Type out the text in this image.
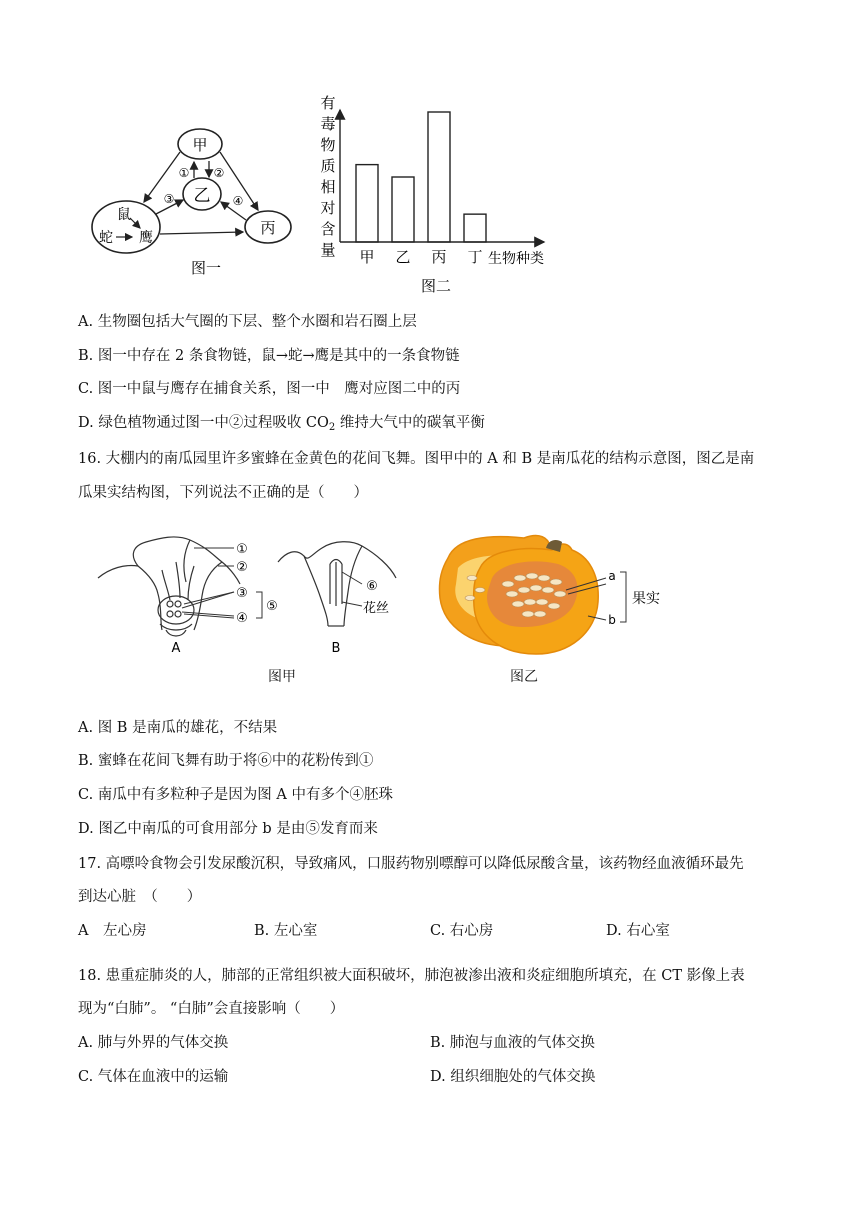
甲
乙
丙
鼠
蛇 鹰
① ②
③	④
图一
有
毒
物
质
相
对
含
量 甲 乙 丙 丁 生物种类
图二
A. 生物圈包括大气圈的下层、整个水圈和岩石圈上层
B. 图一中存在 2 条食物链，鼠→蛇→鹰是其中的一条食物链
C. 图一中鼠与鹰存在捕食关系，图一中　鹰对应图二中的丙
D. 绿色植物通过图一中②过程吸收 $CO_2$ 维持大气中的碳氧平衡
16. 大棚内的南瓜园里许多蜜蜂在金黄色的花间飞舞。图甲中的 A 和 B 是南瓜花的结构示意图，图乙是南
瓜果实结构图，下列说法不正确的是（　　）
①
②
③
④
⑤
A
⑥
花丝
B
a
b
果实
图甲	图乙
A. 图 B 是南瓜的雄花，不结果
B. 蜜蜂在花间飞舞有助于将⑥中的花粉传到①
C. 南瓜中有多粒种子是因为图 A 中有多个④胚珠
D. 图乙中南瓜的可食用部分 b 是由⑤发育而来
17. 高嘌呤食物会引发尿酸沉积，导致痛风，口服药物别嘌醇可以降低尿酸含量，该药物经血液循环最先
到达心脏　（　　）
A　左心房	B. 左心室	C. 右心房	D. 右心室
18. 患重症肺炎的人，肺部的正常组织被大面积破坏，肺泡被渗出液和炎症细胞所填充，在 CT 影像上表
现为“白肺”。 “白肺”会直接影响（　　）
A. 肺与外界的气体交换	B. 肺泡与血液的气体交换
C. 气体在血液中的运输	D. 组织细胞处的气体交换
